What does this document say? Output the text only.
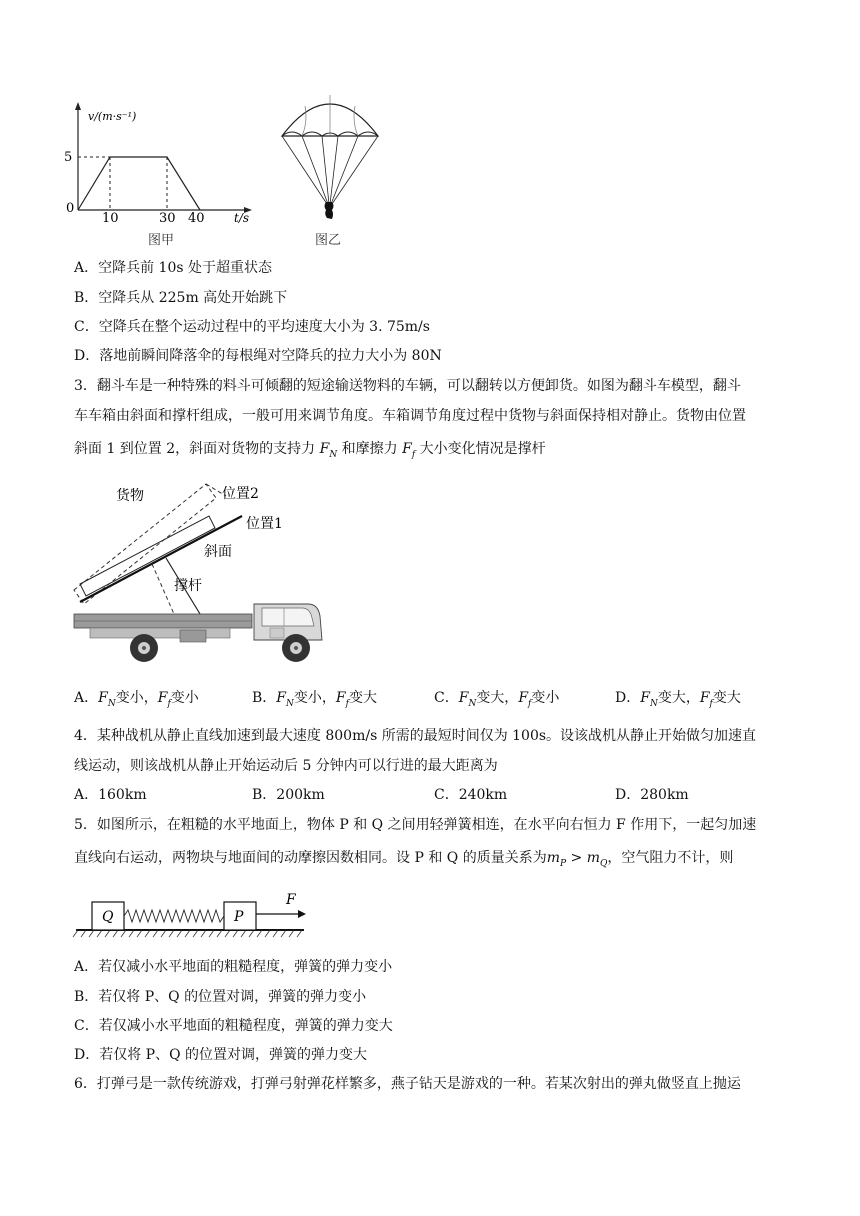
v/(m·s⁻¹)
5
0
10	30 40 t/s
图甲	图乙
A．空降兵前 10s 处于超重状态
B．空降兵从 225m 高处开始跳下
C．空降兵在整个运动过程中的平均速度大小为 3. 75m/s
D．落地前瞬间降落伞的每根绳对空降兵的拉力大小为 80N
3．翻斗车是一种特殊的料斗可倾翻的短途输送物料的车辆，可以翻转以方便卸货。如图为翻斗车模型，翻斗
车车箱由斜面和撑杆组成，一般可用来调节角度。车箱调节角度过程中货物与斜面保持相对静止。货物由位置
斜面 1 到位置 2，斜面对货物的支持力 $F_N$ 和摩擦力 $F_f$ 大小变化情况是撑杆
货物	位置2
位置1
斜面
撑杆
A．$F_N$变小，$F_f$变小	B．$F_N$变小，$F_f$变大	C．$F_N$变大，$F_f$变小	D．$F_N$变大，$F_f$变大
4．某种战机从静止直线加速到最大速度 800m/s 所需的最短时间仅为 100s。设该战机从静止开始做匀加速直
线运动，则该战机从静止开始运动后 5 分钟内可以行进的最大距离为
A．160km	B．200km	C．240km	D．280km
5．如图所示，在粗糙的水平地面上，物体 P 和 Q 之间用轻弹簧相连，在水平向右恒力 F 作用下，一起匀加速
直线向右运动，两物块与地面间的动摩擦因数相同。设 P 和 Q 的质量关系为$m_P > m_Q$，空气阻力不计，则
Q	P
F
A．若仅减小水平地面的粗糙程度，弹簧的弹力变小
B．若仅将 P、Q 的位置对调，弹簧的弹力变小
C．若仅减小水平地面的粗糙程度，弹簧的弹力变大
D．若仅将 P、Q 的位置对调，弹簧的弹力变大
6．打弹弓是一款传统游戏，打弹弓射弹花样繁多，燕子钻天是游戏的一种。若某次射出的弹丸做竖直上抛运
